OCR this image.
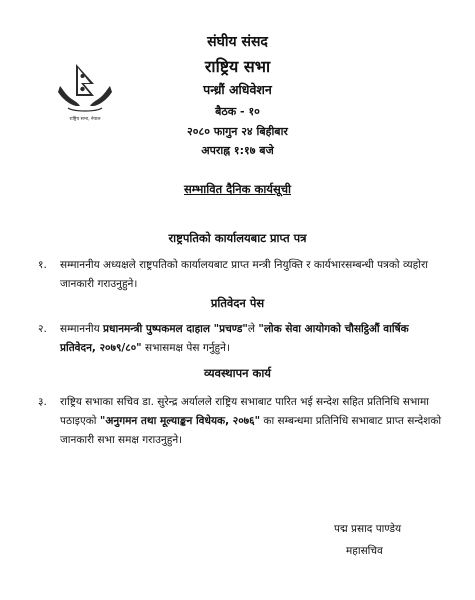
राष्ट्रिय सभा, नेपाल
संघीय संसद
राष्ट्रिय सभा
पन्ध्रौं अधिवेशन
बैठक - १०
२०८० फागुन २४ बिहीबार
अपराह्न १:१७ बजे
सम्भावित दैनिक कार्यसूची
राष्ट्रपतिको कार्यालयबाट प्राप्त पत्र
१. सम्माननीय अध्यक्षले राष्ट्रपतिको कार्यालयबाट प्राप्त मन्त्री नियुक्ति र कार्यभारसम्बन्धी पत्रको व्यहोरा जानकारी गराउनुहुने।
प्रतिवेदन पेस
२. सम्माननीय प्रधानमन्त्री पुष्पकमल दाहाल "प्रचण्ड"ले "लोक सेवा आयोगको चौसट्ठिऔं वार्षिक प्रतिवेदन, २०७९/८०" सभासमक्ष पेस गर्नुहुने।
व्यवस्थापन कार्य
३. राष्ट्रिय सभाका सचिव डा. सुरेन्द्र अर्यालले राष्ट्रिय सभाबाट पारित भई सन्देश सहित प्रतिनिधि सभामा पठाइएको "अनुगमन तथा मूल्याङ्कन विधेयक, २०७६" का सम्बन्धमा प्रतिनिधि सभाबाट प्राप्त सन्देशको जानकारी सभा समक्ष गराउनुहुने।
पद्म प्रसाद पाण्डेय
महासचिव
